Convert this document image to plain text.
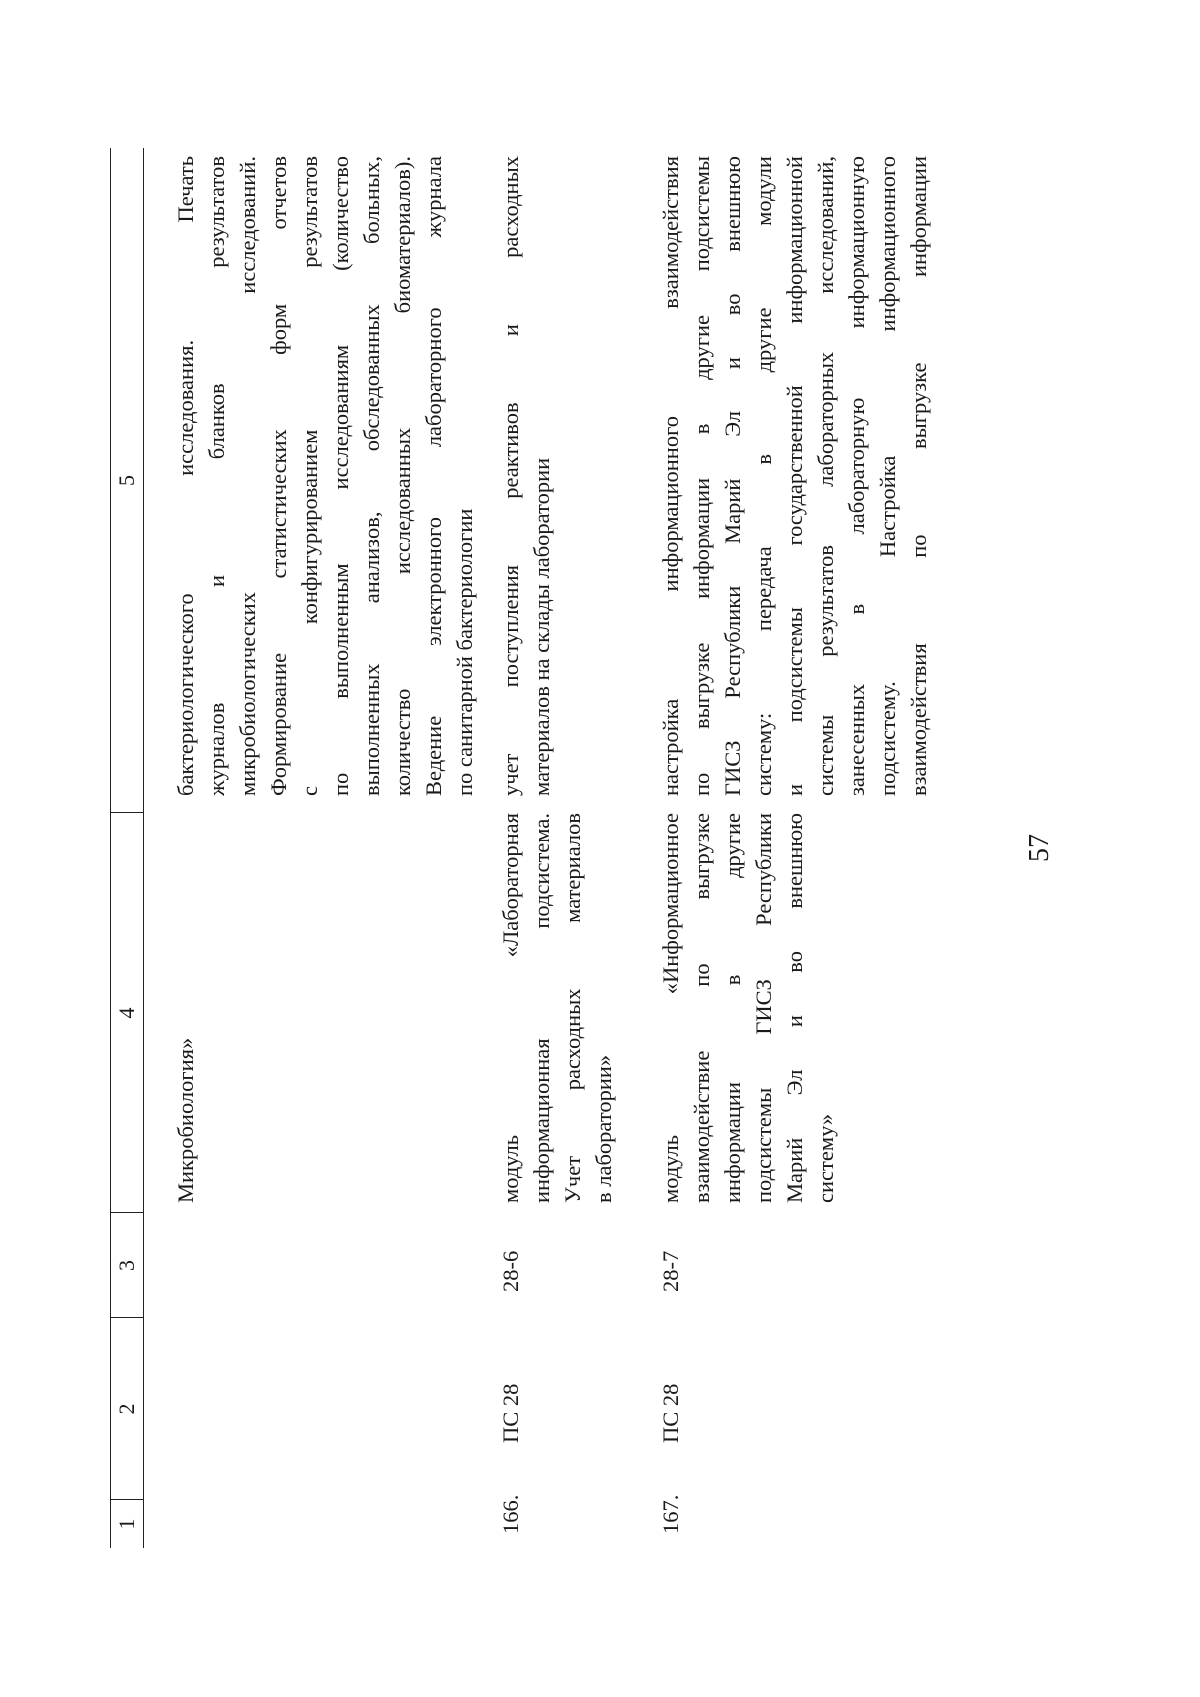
57
1
2
3
4
5
Микробиология»
бактериологического
исследования.
Печать
журналов
и
бланков
результатов
микробиологических
исследований.
Формирование
статистических
форм
отчетов
с
конфигурированием
результатов
по
выполненным
исследованиям
(количество
выполненных
анализов,
обследованных
больных,
количество
исследованных
биоматериалов).
Ведение
электронного
лабораторного
журнала
по санитарной бактериологии
166.
ПС 28
28-6
модуль
«Лабораторная
информационная
подсистема.
Учет
расходных
материалов
в лаборатории»
учет
поступления
реактивов
и
расходных
материалов на склады лаборатории
167.
ПС 28
28-7
модуль
«Информационное
взаимодействие
по
выгрузке
информации
в
другие
подсистемы
ГИСЗ
Республики
Марий
Эл
и
во
внешнюю
систему»
настройка
информационного
взаимодействия
по
выгрузке
информации
в
другие
подсистемы
ГИСЗ
Республики
Марий
Эл
и
во
внешнюю
систему:
передача
в
другие
модули
и
подсистемы
государственной
информационной
системы
результатов
лабораторных
исследований,
занесенных
в
лабораторную
информационную
подсистему.
Настройка
информационного
взаимодействия
по
выгрузке
информации
